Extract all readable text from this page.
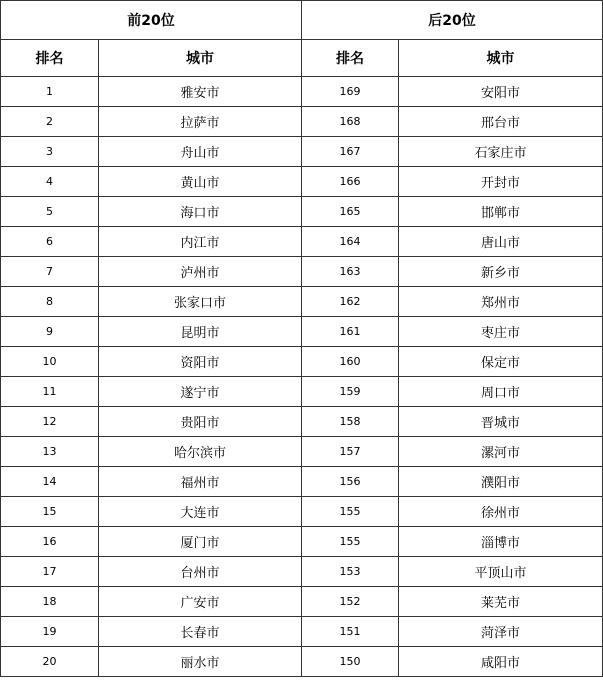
前20位		后20位	
排名	城市	排名	城市
1	雅安市	169	安阳市
2	拉萨市	168	邢台市
3	舟山市	167	石家庄市
4	黄山市	166	开封市
5	海口市	165	邯郸市
6	内江市	164	唐山市
7	泸州市	163	新乡市
8	张家口市	162	郑州市
9	昆明市	161	枣庄市
10	资阳市	160	保定市
11	遂宁市	159	周口市
12	贵阳市	158	晋城市
13	哈尔滨市	157	漯河市
14	福州市	156	濮阳市
15	大连市	155	徐州市
16	厦门市	155	淄博市
17	台州市	153	平顶山市
18	广安市	152	莱芜市
19	长春市	151	菏泽市
20	丽水市	150	咸阳市
